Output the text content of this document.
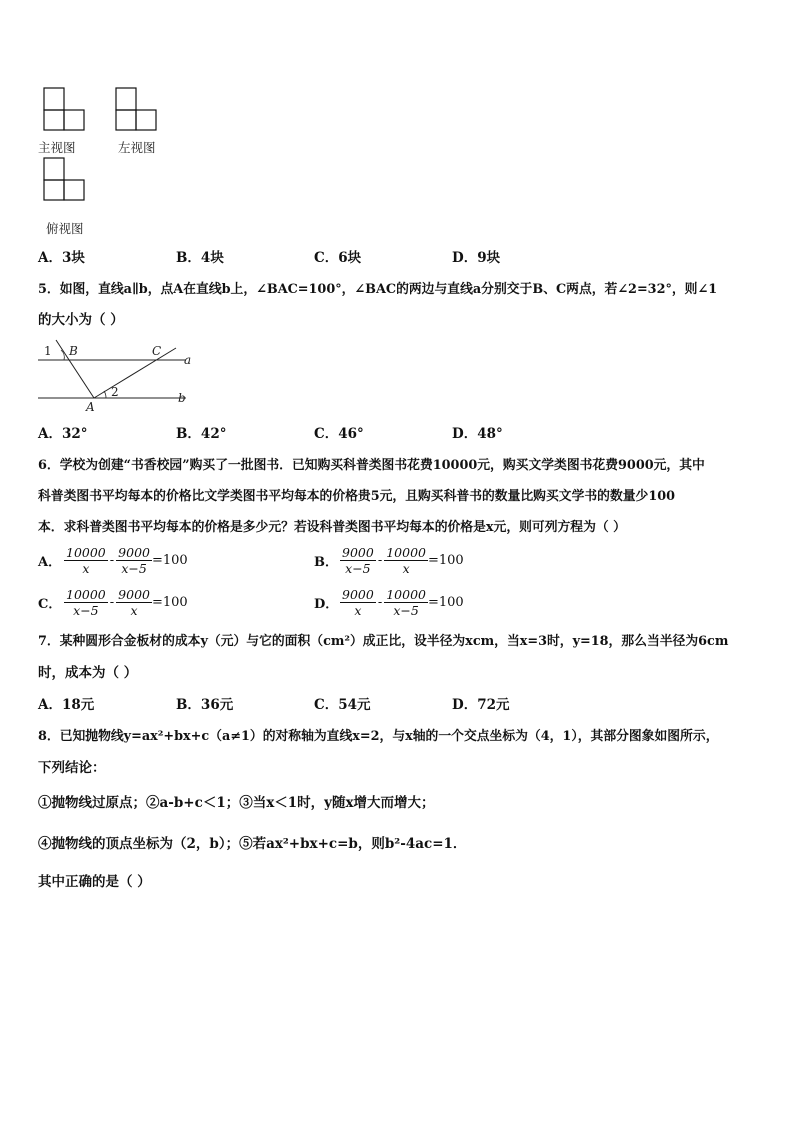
主视图	左视图
俯视图
A．3块	B．4块	C．6块	D．9块
5．如图，直线a∥b，点A在直线b上，∠BAC=100°，∠BAC的两边与直线a分别交于B、C两点，若∠2=32°，则∠1
的大小为（ ）
1 B	C
a
A
2	b
A．32°	B．42°	C．46°	D．48°
6．学校为创建“书香校园”购买了一批图书．已知购买科普类图书花费10000元，购买文学类图书花费9000元，其中
科普类图书平均每本的价格比文学类图书平均每本的价格贵5元，且购买科普书的数量比购买文学书的数量少100
本．求科普类图书平均每本的价格是多少元？若设科普类图书平均每本的价格是x元，则可列方程为（ ）
A． $\frac{10000}{x} - \frac{9000}{x-5} =100$	B． $\frac{9000}{x-5} - \frac{10000}{x} =100$
C． $\frac{10000}{x-5} - \frac{9000}{x} =100$	D． $\frac{9000}{x} - \frac{10000}{x-5} =100$
7．某种圆形合金板材的成本y（元）与它的面积（cm²）成正比，设半径为xcm，当x=3时，y=18，那么当半径为6cm
时，成本为（ ）
A．18元	B．36元	C．54元	D．72元
8．已知抛物线y=ax²+bx+c（a≠1）的对称轴为直线x=2，与x轴的一个交点坐标为（4，1），其部分图象如图所示，
下列结论：
①抛物线过原点；②a-b+c＜1；③当x＜1时，y随x增大而增大；
④抛物线的顶点坐标为（2，b）；⑤若ax²+bx+c=b，则b²-4ac=1．
其中正确的是（ ）
